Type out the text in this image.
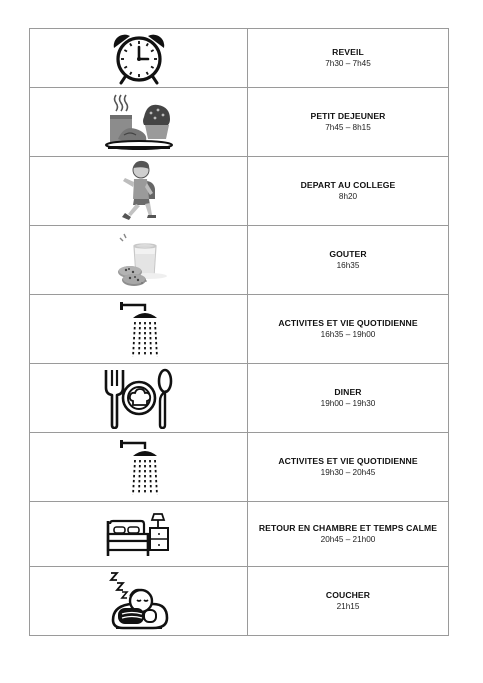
REVEIL
7h30 – 7h45

PETIT DEJEUNER
7h45 – 8h15

DEPART AU COLLEGE
8h20

GOUTER
16h35

ACTIVITES ET VIE QUOTIDIENNE
16h35 – 19h00

DINER
19h00 – 19h30

ACTIVITES ET VIE QUOTIDIENNE
19h30 – 20h45

RETOUR EN CHAMBRE ET TEMPS CALME
20h45 – 21h00

COUCHER
21h15
